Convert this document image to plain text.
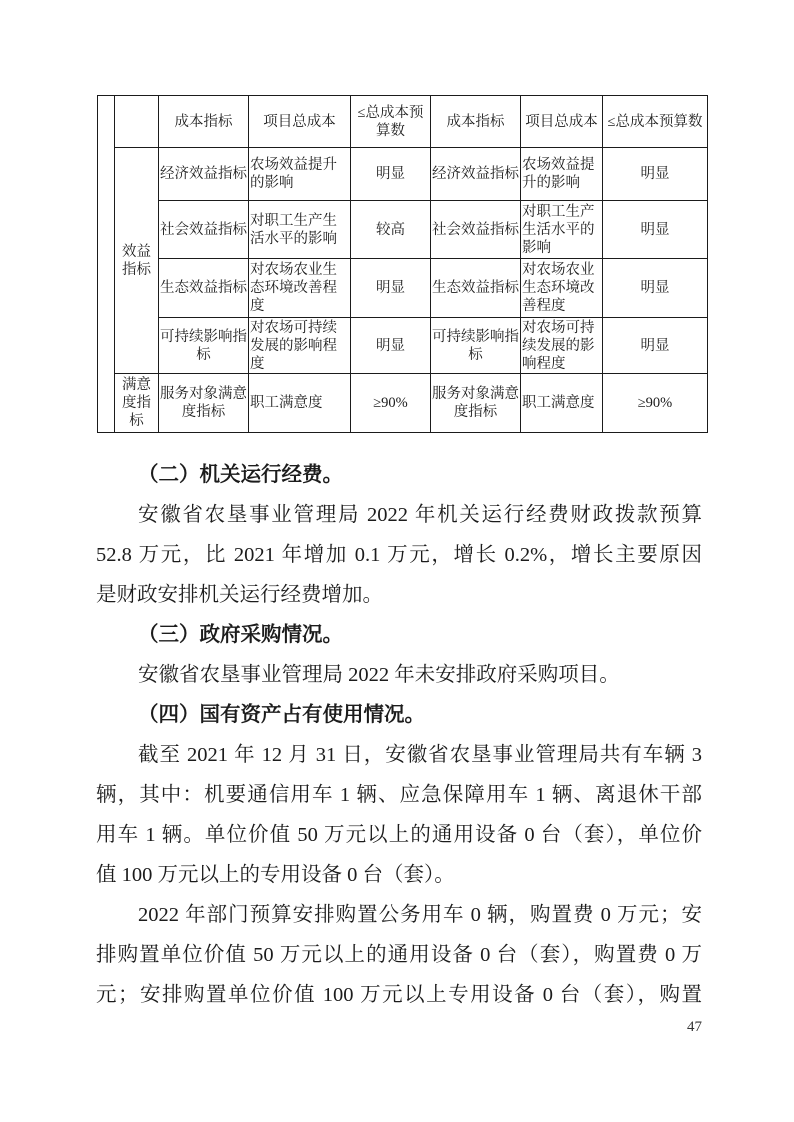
		成本指标	项目总成本	≤总成本预算数	成本指标	项目总成本	≤总成本预算数
	效益指标	经济效益指标	农场效益提升的影响	明显	经济效益指标	农场效益提升的影响	明显
		社会效益指标	对职工生产生活水平的影响	较高	社会效益指标	对职工生产生活水平的影响	明显
		生态效益指标	对农场农业生态环境改善程度	明显	生态效益指标	对农场农业生态环境改善程度	明显
		可持续影响指标	对农场可持续发展的影响程度	明显	可持续影响指标	对农场可持续发展的影响程度	明显
	满意度指标	服务对象满意度指标	职工满意度	≥90%	服务对象满意度指标	职工满意度	≥90%
（二）机关运行经费。
安徽省农垦事业管理局 2022 年机关运行经费财政拨款预算
52.8 万元，比 2021 年增加 0.1 万元，增长 0.2%，增长主要原因
是财政安排机关运行经费增加。
（三）政府采购情况。
安徽省农垦事业管理局 2022 年未安排政府采购项目。
（四）国有资产占有使用情况。
截至 2021 年 12 月 31 日，安徽省农垦事业管理局共有车辆 3
辆，其中：机要通信用车 1 辆、应急保障用车 1 辆、离退休干部
用车 1 辆。单位价值 50 万元以上的通用设备 0 台（套），单位价
值 100 万元以上的专用设备 0 台（套）。
2022 年部门预算安排购置公务用车 0 辆，购置费 0 万元；安
排购置单位价值 50 万元以上的通用设备 0 台（套），购置费 0 万
元；安排购置单位价值 100 万元以上专用设备 0 台（套），购置
47
